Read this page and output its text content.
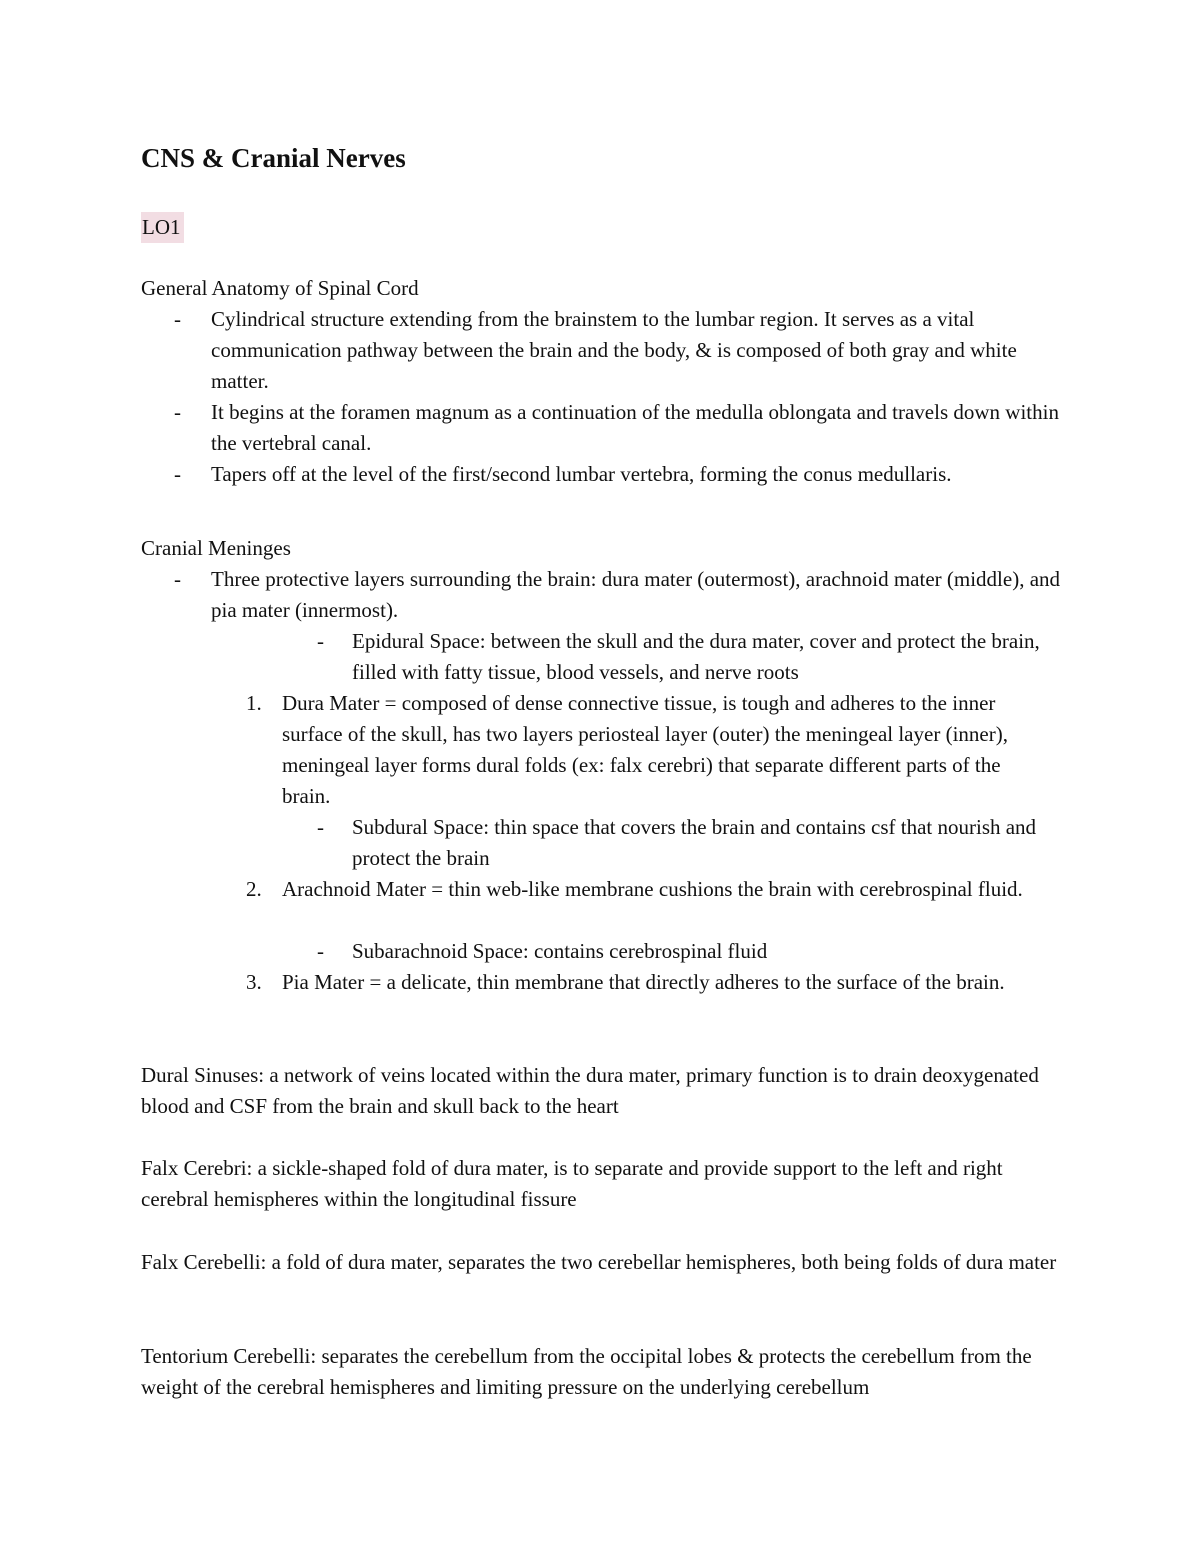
CNS & Cranial Nerves
LO1

General Anatomy of Spinal Cord

- Cylindrical structure extending from the brainstem to the lumbar region. It serves as a vital communication pathway between the brain and the body, & is composed of both gray and white matter.
- It begins at the foramen magnum as a continuation of the medulla oblongata and travels down within the vertebral canal.
- Tapers off at the level of the first/second lumbar vertebra, forming the conus medullaris.

Cranial Meninges

- Three protective layers surrounding the brain: dura mater (outermost), arachnoid mater (middle), and pia mater (innermost).
- Epidural Space: between the skull and the dura mater, cover and protect the brain, filled with fatty tissue, blood vessels, and nerve roots
1. Dura Mater = composed of dense connective tissue, is tough and adheres to the inner surface of the skull, has two layers periosteal layer (outer) the meningeal layer (inner), meningeal layer forms dural folds (ex: falx cerebri) that separate different parts of the brain.
- Subdural Space: thin space that covers the brain and contains csf that nourish and protect the brain
2. Arachnoid Mater = thin web-like membrane cushions the brain with cerebrospinal fluid.
- Subarachnoid Space: contains cerebrospinal fluid
3. Pia Mater = a delicate, thin membrane that directly adheres to the surface of the brain.

Dural Sinuses: a network of veins located within the dura mater, primary function is to drain deoxygenated blood and CSF from the brain and skull back to the heart

Falx Cerebri: a sickle-shaped fold of dura mater, is to separate and provide support to the left and right cerebral hemispheres within the longitudinal fissure

Falx Cerebelli: a fold of dura mater, separates the two cerebellar hemispheres, both being folds of dura mater

Tentorium Cerebelli: separates the cerebellum from the occipital lobes & protects the cerebellum from the weight of the cerebral hemispheres and limiting pressure on the underlying cerebellum
